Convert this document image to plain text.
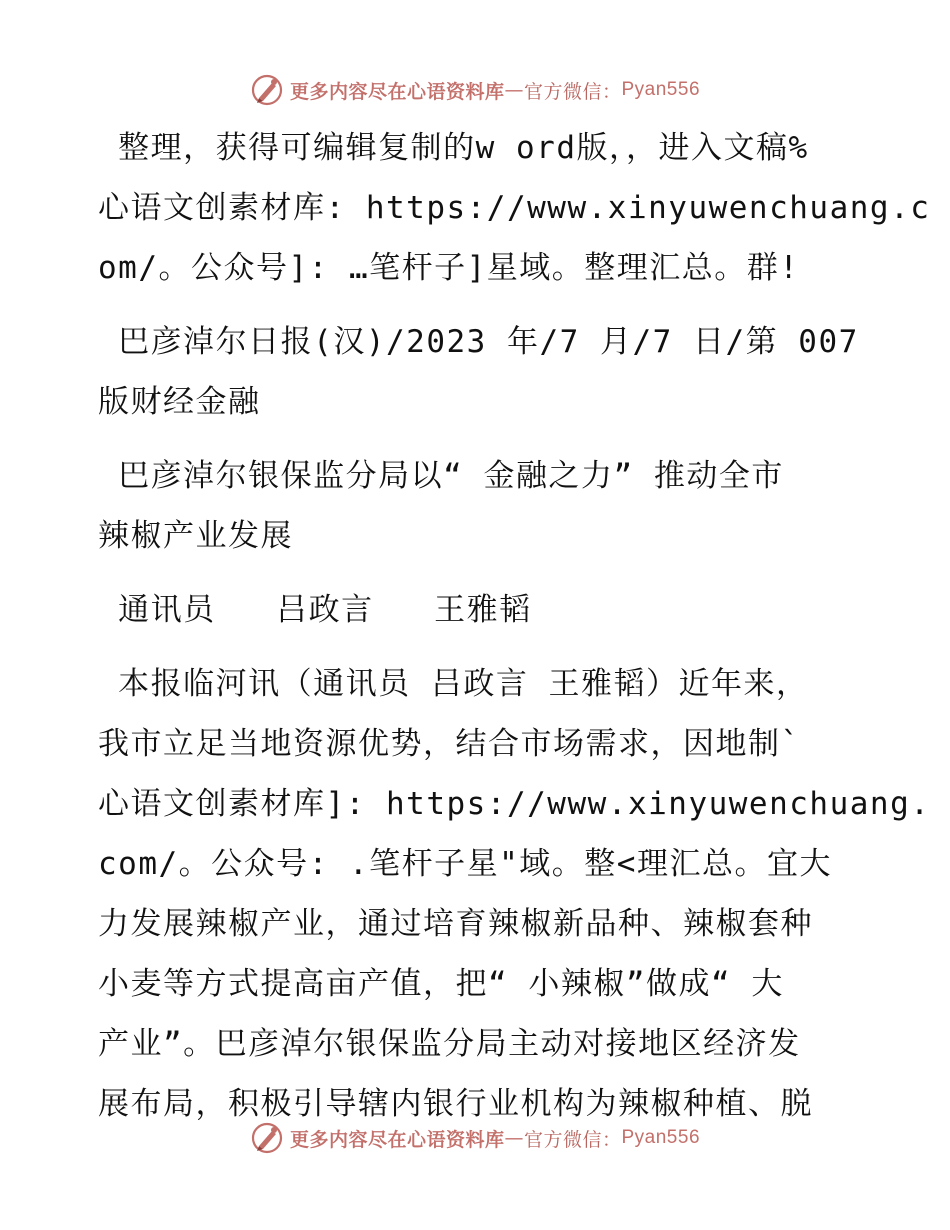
更多内容尽在心语资料库 — 官方微信： Pyan556
整理，获得可编辑复制的w ord版，，进入文稿%
心语文创素材库: https://www.xinyuwenchuang.c
om/。公众号]: …笔杆子]星域。整理汇总。群!
巴彦淖尔日报(汉)/2023 年/7 月/7 日/第 007
版财经金融
巴彦淖尔银保监分局以“ 金融之力” 推动全市
辣椒产业发展
通讯员   吕政言   王雅韬
本报临河讯（通讯员 吕政言 王雅韬）近年来，
我市立足当地资源优势，结合市场需求，因地制`
心语文创素材库]: https://www.xinyuwenchuang.
com/。公众号: .笔杆子星"域。整<理汇总。宜大
力发展辣椒产业，通过培育辣椒新品种、辣椒套种
小麦等方式提高亩产值，把“ 小辣椒”做成“ 大
产业”。巴彦淖尔银保监分局主动对接地区经济发
展布局，积极引导辖内银行业机构为辣椒种植、脱
更多内容尽在心语资料库 — 官方微信： Pyan556
